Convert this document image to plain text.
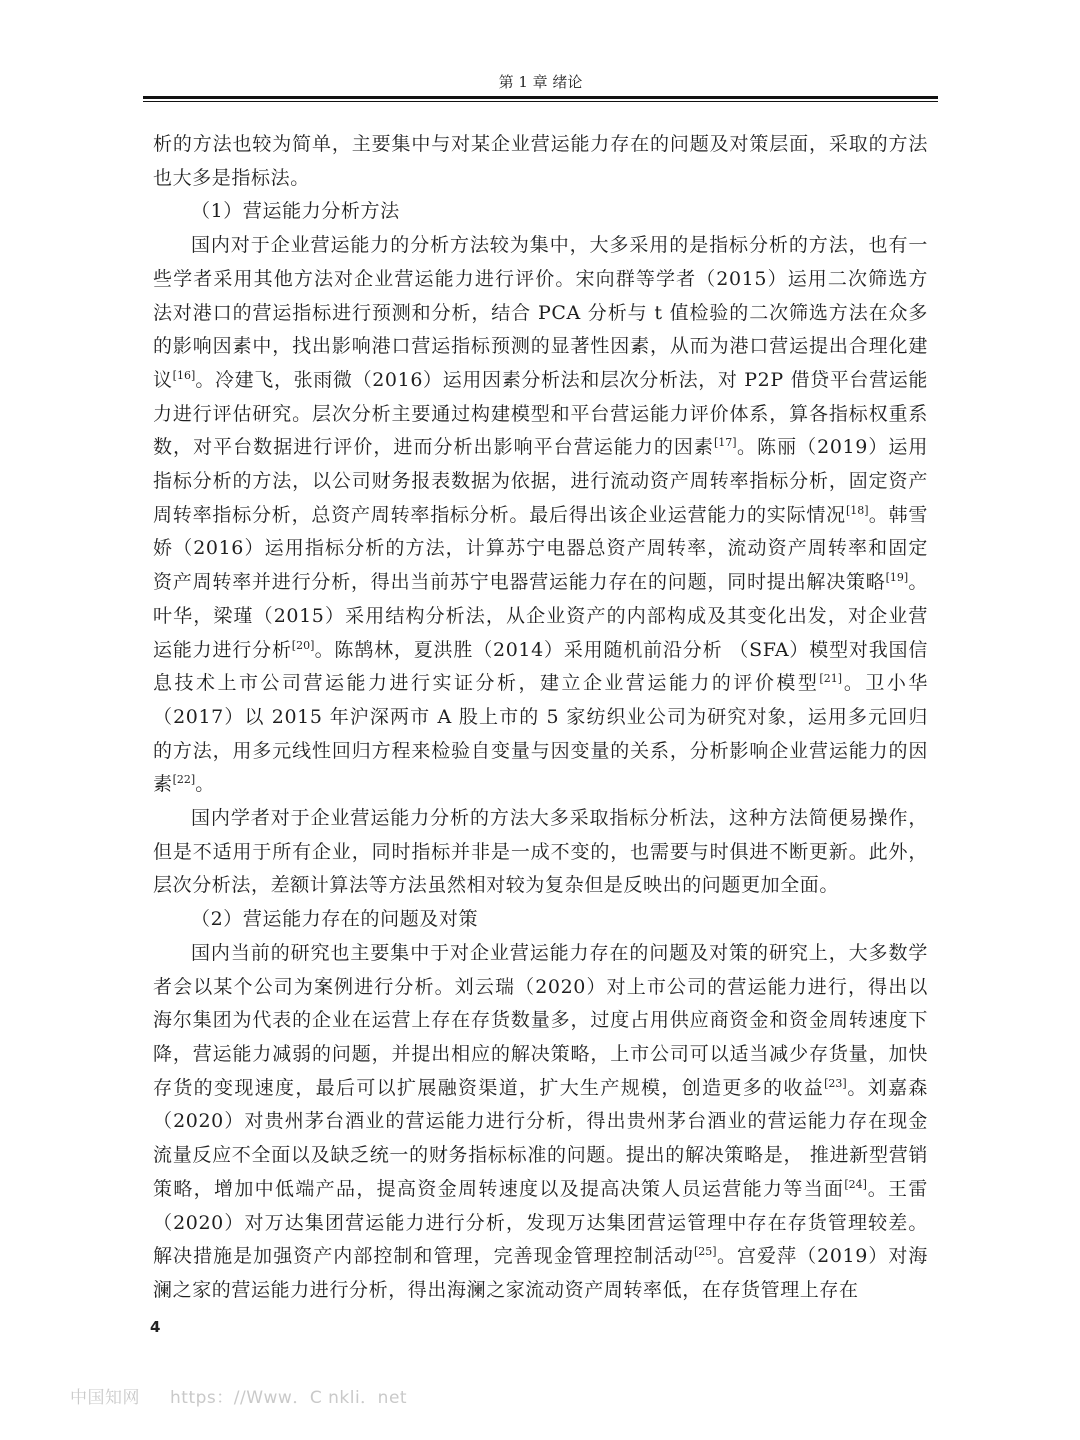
第 1 章 绪论

析的方法也较为简单，主要集中与对某企业营运能力存在的问题及对策层面，采取的方法也大多是指标法。

（1）营运能力分析方法

国内对于企业营运能力的分析方法较为集中，大多采用的是指标分析的方法，也有一些学者采用其他方法对企业营运能力进行评价。宋向群等学者（2015）运用二次筛选方法对港口的营运指标进行预测和分析，结合 PCA 分析与 t 值检验的二次筛选方法在众多的影响因素中，找出影响港口营运指标预测的显著性因素，从而为港口营运提出合理化建议[16]。冷建飞，张雨微（2016）运用因素分析法和层次分析法，对 P2P 借贷平台营运能力进行评估研究。层次分析主要通过构建模型和平台营运能力评价体系，算各指标权重系数，对平台数据进行评价，进而分析出影响平台营运能力的因素[17]。陈丽（2019）运用指标分析的方法，以公司财务报表数据为依据，进行流动资产周转率指标分析，固定资产周转率指标分析，总资产周转率指标分析。最后得出该企业运营能力的实际情况[18]。韩雪娇（2016）运用指标分析的方法，计算苏宁电器总资产周转率，流动资产周转率和固定资产周转率并进行分析，得出当前苏宁电器营运能力存在的问题，同时提出解决策略[19]。叶华，梁瑾（2015）采用结构分析法，从企业资产的内部构成及其变化出发，对企业营运能力进行分析[20]。陈鹄林，夏洪胜（2014）采用随机前沿分析 （SFA）模型对我国信息技术上市公司营运能力进行实证分析，建立企业营运能力的评价模型[21]。卫小华（2017）以 2015 年沪深两市 A 股上市的 5 家纺织业公司为研究对象，运用多元回归的方法，用多元线性回归方程来检验自变量与因变量的关系，分析影响企业营运能力的因素[22]。

国内学者对于企业营运能力分析的方法大多采取指标分析法，这种方法简便易操作，但是不适用于所有企业，同时指标并非是一成不变的，也需要与时俱进不断更新。此外，层次分析法，差额计算法等方法虽然相对较为复杂但是反映出的问题更加全面。

（2）营运能力存在的问题及对策

国内当前的研究也主要集中于对企业营运能力存在的问题及对策的研究上，大多数学者会以某个公司为案例进行分析。刘云瑞（2020）对上市公司的营运能力进行，得出以海尔集团为代表的企业在运营上存在存货数量多，过度占用供应商资金和资金周转速度下降，营运能力减弱的问题，并提出相应的解决策略，上市公司可以适当减少存货量，加快存货的变现速度，最后可以扩展融资渠道，扩大生产规模，创造更多的收益[23]。刘嘉森（2020）对贵州茅台酒业的营运能力进行分析，得出贵州茅台酒业的营运能力存在现金流量反应不全面以及缺乏统一的财务指标标准的问题。提出的解决策略是， 推进新型营销策略，增加中低端产品，提高资金周转速度以及提高决策人员运营能力等当面[24]。王雷（2020）对万达集团营运能力进行分析，发现万达集团营运管理中存在存货管理较差。解决措施是加强资产内部控制和管理，完善现金管理控制活动[25]。宫爱萍（2019）对海澜之家的营运能力进行分析，得出海澜之家流动资产周转率低，在存货管理上存在

4
中国知网 https：//Www．C nkli．net
